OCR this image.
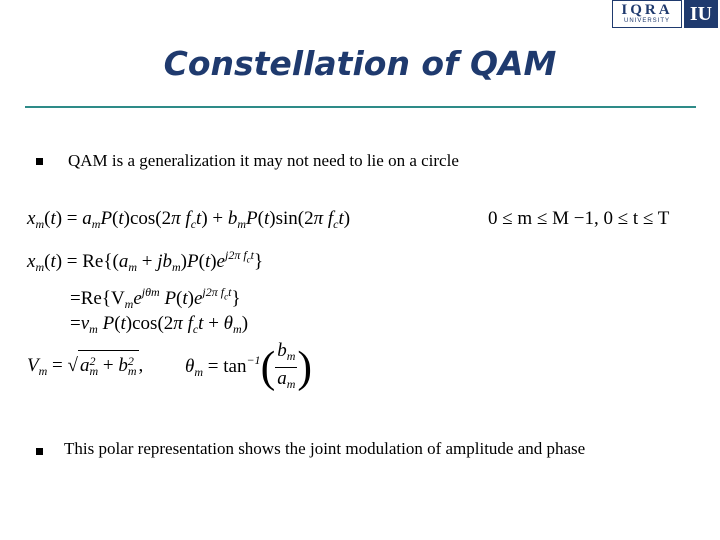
IQRA
UNIVERSITY IU
Constellation of QAM
QAM is a generalization it may not need to lie on a circle
$x_m(t) = a_mP(t)\cos(2\pi$ $f_ct) + b_mP(t)\sin(2\pi$ $f_ct$)	0 ≤ m ≤ M −1, 0 ≤ t ≤ T
$x_m(t) = Re\{(a_m + jb_m)P(t)e^{j2\pi f_ct}\}$
$=Re\{V_me^{j\theta m}$ $P(t)e^{j2\pi f_ct}$}
$=v_m$ P(t)cos(2π $f_ct + \theta_m$)
$V_m$ = √ $a^2_m + b^2_m$ , $\theta_m = \tan^{-1}( \frac{b_m}{a_m}$ )
This polar representation shows the joint modulation of amplitude and phase
